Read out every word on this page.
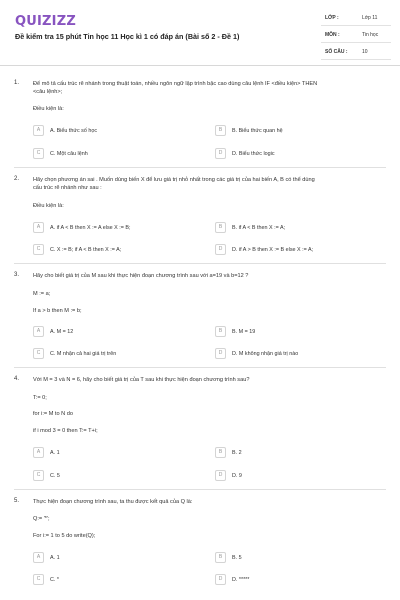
QUIZIZZ
Đề kiểm tra 15 phút Tin học 11 Học kì 1 có đáp án (Bài số 2 - Đề 1)
LỚP :	Lớp 11
MÔN :	Tin học
SỐ CÂU :	10
1. Để mô tả cấu trúc rẽ nhánh trong thuật toán, nhiều ngôn ngữ lập trình bậc cao dùng câu lệnh IF <điều kiện> THEN
<câu lệnh>;
Điều kiện là:
A	A. Biểu thức số học	B	B. Biểu thức quan hệ
C	C. Một câu lệnh	D	D. Biểu thức logic
2. Hãy chọn phương án sai . Muốn dùng biến X để lưu giá trị nhỏ nhất trong các giá trị của hai biến A, B có thể dùng
cấu trúc rẽ nhánh như sau :
Điều kiện là:
A	A. if A < B then X := A else X := B;	B	B. if A < B then X := A;
C	C. X := B; if A < B then X := A;	D	D. if A > B then X := B else X := A;
3. Hãy cho biết giá trị của M sau khi thực hiện đoạn chương trình sau với a=19 và b=12 ?
M := a;
If a > b then M := b;
A	A. M = 12	B	B. M = 19
C	C. M nhận cả hai giá trị trên	D	D. M không nhận giá trị nào
4. Với M = 3 và N = 6, hãy cho biết giá trị của T sau khi thực hiện đoạn chương trình sau?
T:= 0;
for i:= M to N do
if i mod 3 = 0 then T:= T+i;
A	A. 1	B	B. 2
C	C. 5	D	D. 9
5. Thực hiện đoạn chương trình sau, ta thu được kết quả của Q là:
Q:= '*';
For i:= 1 to 5 do write(Q);
A	A. 1	B	B. 5
C	C. *	D	D. *****
